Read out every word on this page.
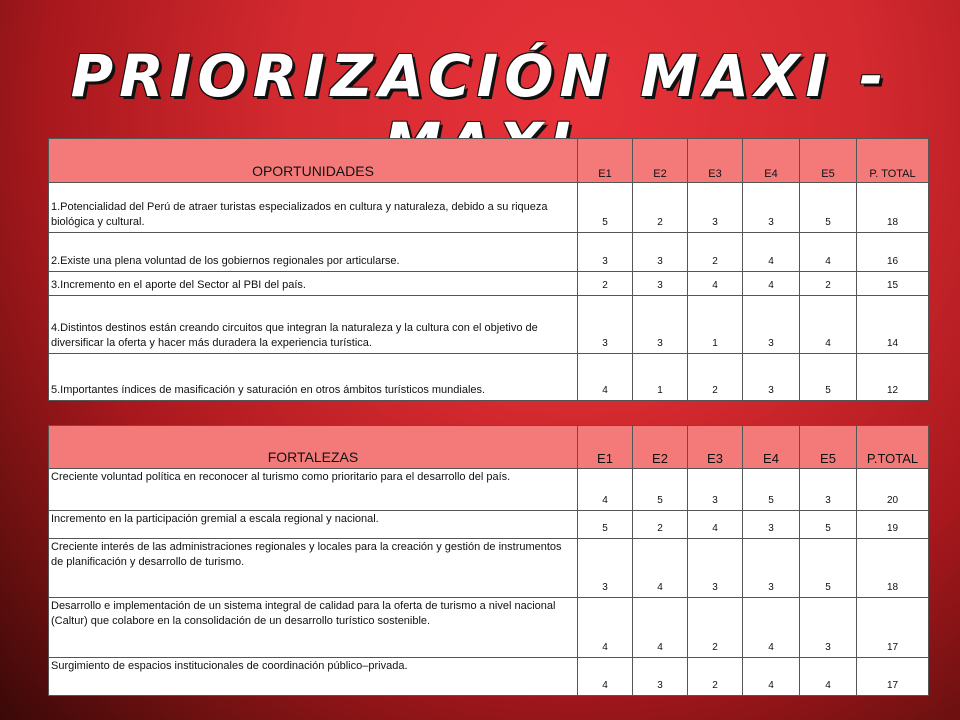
PRIORIZACIÓN MAXI -
OPORTUNIDADES	E1	E2	E3	E4	E5	P. TOTAL
1.Potencialidad del Perú de atraer turistas especializados en cultura y naturaleza, debido a su riqueza biológica y cultural.	5	2	3	3	5	18
2.Existe una plena voluntad de los gobiernos regionales por articularse.	3	3	2	4	4	16
3.Incremento en el aporte del Sector al PBI del país.	2	3	4	4	2	15
4.Distintos destinos están creando circuitos que integran la naturaleza y la cultura con el objetivo de diversificar la oferta y hacer más duradera la experiencia turística.	3	3	1	3	4	14
5.Importantes índices de masificación y saturación en otros ámbitos turísticos mundiales.	4	1	2	3	5	12
FORTALEZAS	E1	E2	E3	E4	E5	P.TOTAL
Creciente voluntad política en reconocer al turismo como prioritario para el desarrollo del país.	4	5	3	5	3	20
Incremento en la participación gremial a escala regional y nacional.	5	2	4	3	5	19
Creciente interés de las administraciones regionales y locales para la creación y gestión de instrumentos de planificación y desarrollo de turismo.	3	4	3	3	5	18
Desarrollo e implementación de un sistema integral de calidad para la oferta de turismo a nivel nacional (Caltur) que colabore en la consolidación de un desarrollo turístico sostenible.	4	4	2	4	3	17
Surgimiento de espacios institucionales de coordinación público–privada.	4	3	2	4	4	17
